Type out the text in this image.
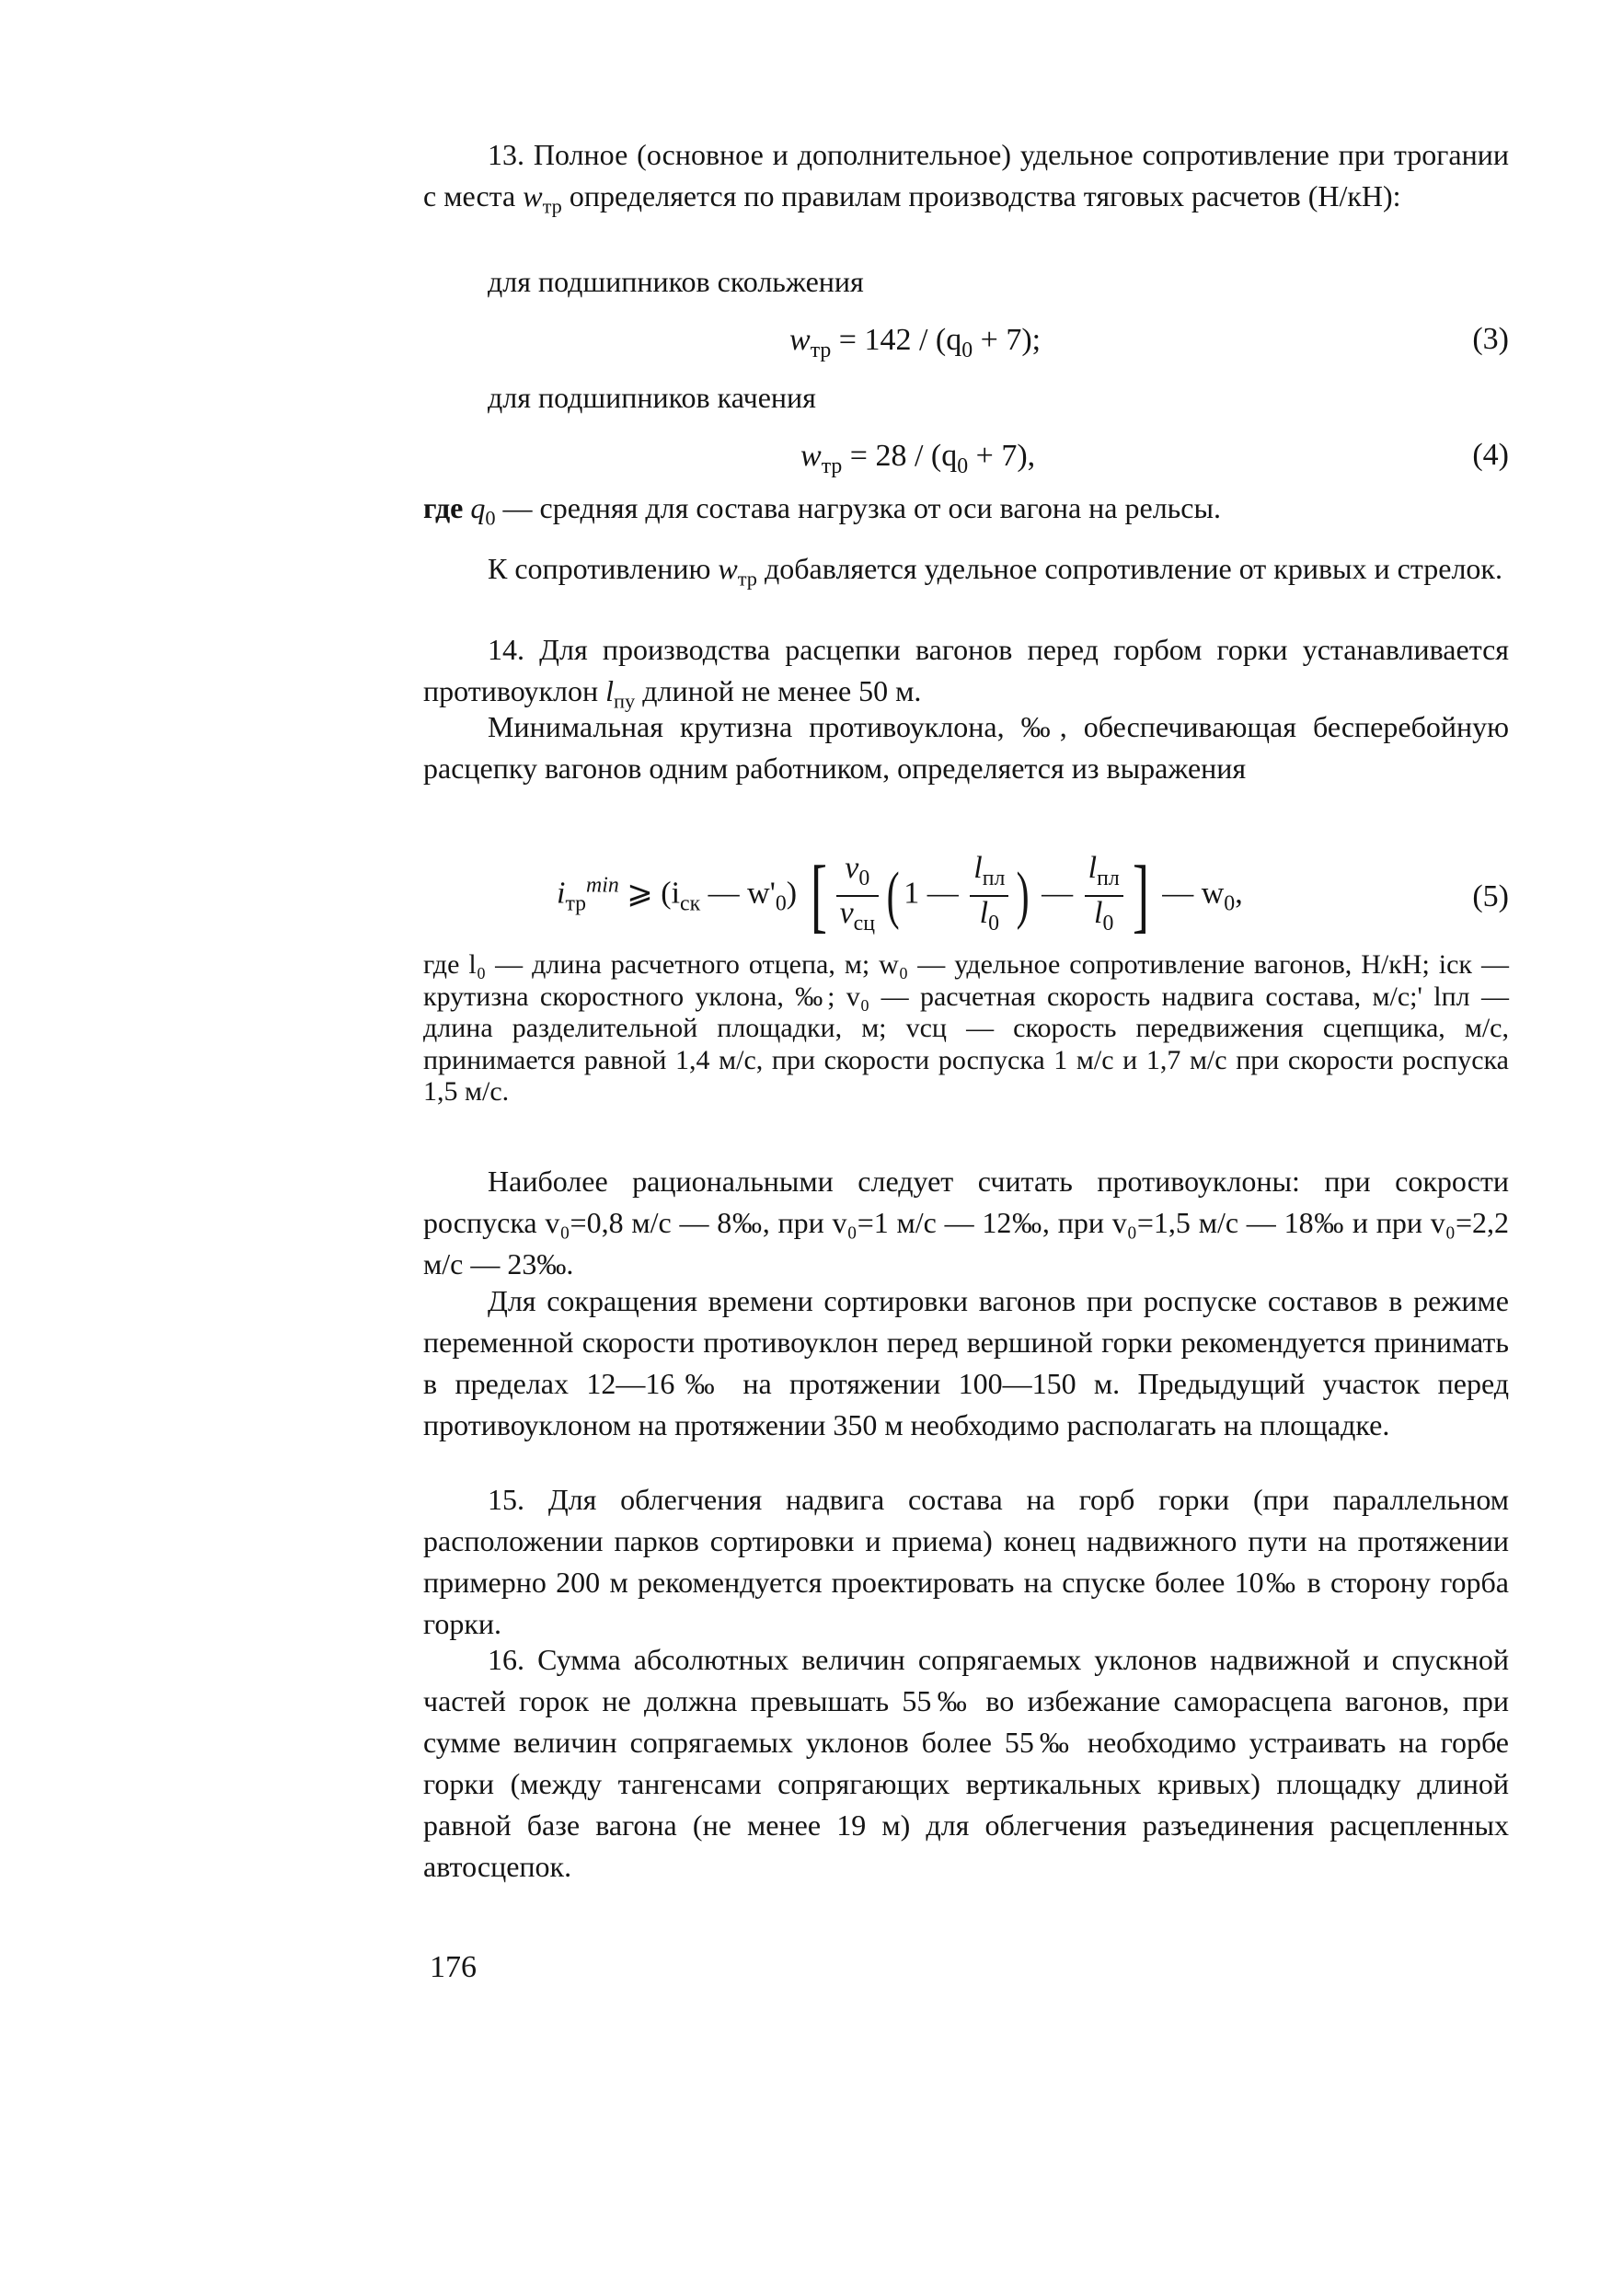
13. Полное (основное и дополнительное) удельное сопротивление при трогании с места $w_{тр}$ определяется по правилам производства тяговых расчетов (Н/кН):

для подшипников скольжения

$w_{тр} = 142 / (q_0 + 7)$;	(3)

для подшипников качения

$w_{тр} = 28 / (q_0 + 7)$,	(4)

где $q_0$ — средняя для состава нагрузка от оси вагона на рельсы.

К сопротивлению $w_{тр}$ добавляется удельное сопротивление от кривых и стрелок.

14. Для производства расцепки вагонов перед горбом горки устанавливается противоуклон $l_{пу}$ длиной не менее 50 м.

Минимальная крутизна противоуклона, ‰, обеспечивающая бесперебойную расцепку вагонов одним работником, определяется из выражения

$i_{тр}^{min}$ ⩾ ($i_{ск}$ — $w'_0$) [ $\frac{v_0}{v_{сц}}$ ( 1 — $\frac{l_{пл}}{l_0}$ ) — $\frac{l_{пл}}{l_0}$ ] — $w_0$,	(5)

где l₀ — длина расчетного отцепа, м; w₀ — удельное сопротивление вагонов, Н/кН; iск — крутизна скоростного уклона, ‰; v₀ — расчетная скорость надвига состава, м/с;' lпл — длина разделительной площадки, м; vсц — скорость передвижения сцепщика, м/с, принимается равной 1,4 м/с, при скорости роспуска 1 м/с и 1,7 м/с при скорости роспуска 1,5 м/с.

Наиболее рациональными следует считать противоуклоны: при сокрости роспуска v₀=0,8 м/с — 8‰, при v₀=1 м/с — 12‰, при v₀=1,5 м/с — 18‰ и при v₀=2,2 м/с — 23‰.

Для сокращения времени сортировки вагонов при роспуске составов в режиме переменной скорости противоуклон перед вершиной горки рекомендуется принимать в пределах 12—16‰ на протяжении 100—150 м. Предыдущий участок перед противоуклоном на протяжении 350 м необходимо располагать на площадке.

15. Для облегчения надвига состава на горб горки (при параллельном расположении парков сортировки и приема) конец надвижного пути на протяжении примерно 200 м рекомендуется проектировать на спуске более 10‰ в сторону горба горки.

16. Сумма абсолютных величин сопрягаемых уклонов надвижной и спускной частей горок не должна превышать 55‰ во избежание саморасцепа вагонов, при сумме величин сопрягаемых уклонов более 55‰ необходимо устраивать на горбе горки (между тангенсами сопрягающих вертикальных кривых) площадку длиной равной базе вагона (не менее 19 м) для облегчения разъединения расцепленных автосцепок.

176
